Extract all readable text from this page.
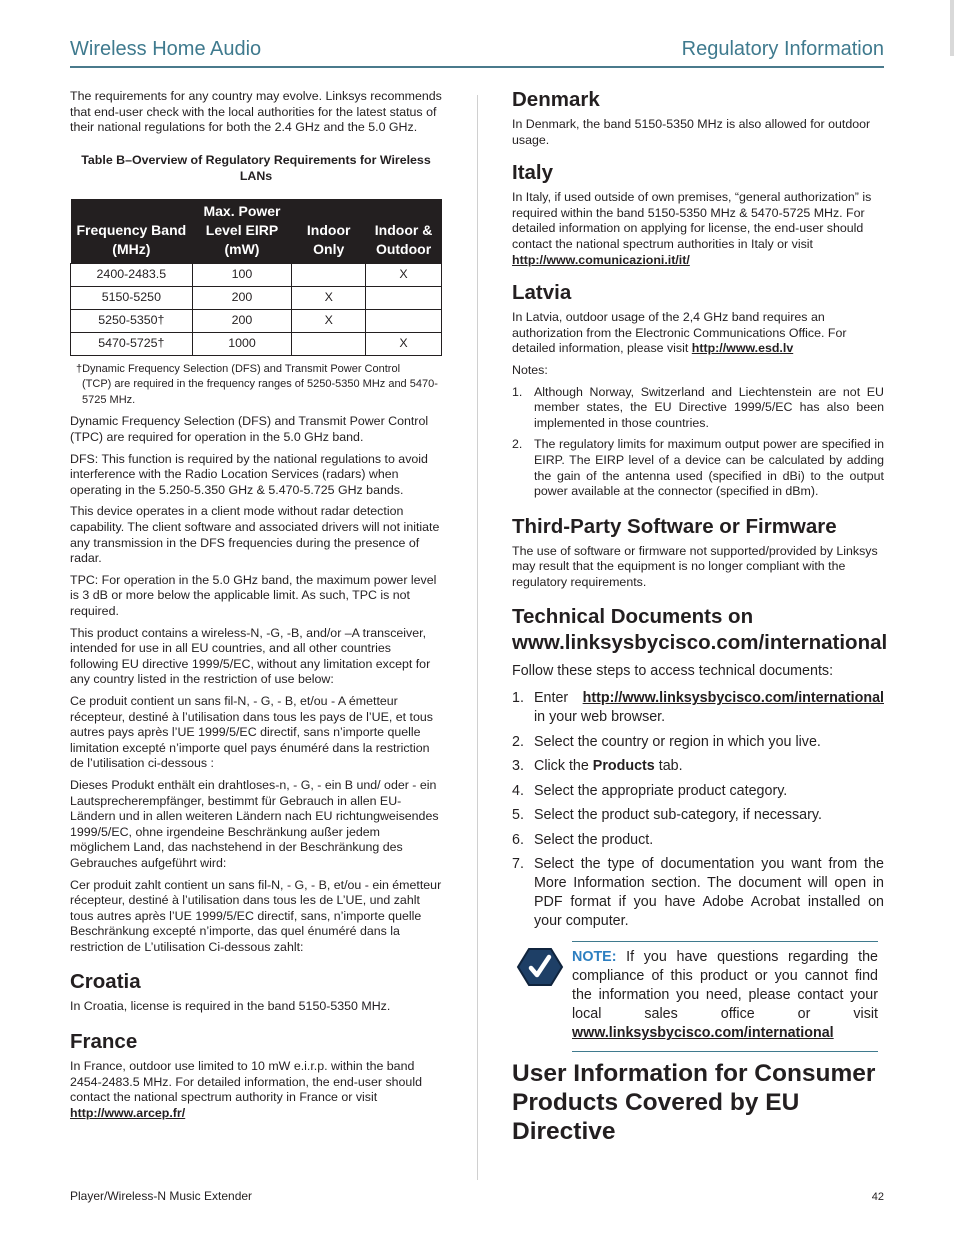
Wireless Home Audio	Regulatory Information

The requirements for any country may evolve. Linksys recommends that end-user check with the local authorities for the latest status of their national regulations for both the 2.4 GHz and the 5.0 GHz.

Table B–Overview of Regulatory Requirements for Wireless LANs
Frequency Band (MHz)	Max. Power Level EIRP (mW)	Indoor Only	Indoor & Outdoor
2400-2483.5	100		X
5150-5250	200	X	
5250-5350†	200	X	
5470-5725†	1000		X
†Dynamic Frequency Selection (DFS) and Transmit Power Control
(TCP) are required in the frequency ranges of 5250-5350 MHz and 5470-5725 MHz.

Dynamic Frequency Selection (DFS) and Transmit Power Control (TPC) are required for operation in the 5.0 GHz band.

DFS: This function is required by the national regulations to avoid interference with the Radio Location Services (radars) when operating in the 5.250-5.350 GHz & 5.470-5.725 GHz bands.

This device operates in a client mode without radar detection capability. The client software and associated drivers will not initiate any transmission in the DFS frequencies during the presence of radar.

TPC: For operation in the 5.0 GHz band, the maximum power level is 3 dB or more below the applicable limit. As such, TPC is not required.

This product contains a wireless-N, -G, -B, and/or –A transceiver, intended for use in all EU countries, and all other countries following EU directive 1999/5/EC, without any limitation except for any country listed in the restriction of use below:

Ce produit contient un sans fil-N, - G, - B, et/ou - A émetteur récepteur, destiné à l’utilisation dans tous les pays de l’UE, et tous autres pays après l’UE 1999/5/EC directif, sans n’importe quelle limitation excepté n’importe quel pays énuméré dans la restriction de l’utilisation ci-dessous :

Dieses Produkt enthält ein drahtloses-n, - G, - ein B und/ oder - ein Lautsprecherempfänger, bestimmt für Gebrauch in allen EU-Ländern und in allen weiteren Ländern nach EU richtungweisendes 1999/5/EC, ohne irgendeine Beschränkung außer jedem möglichem Land, das nachstehend in der Beschränkung des Gebrauches aufgeführt wird:

Cer produit zahlt contient un sans fil-N, - G, - B, et/ou - ein émetteur récepteur, destiné à l’utilisation dans tous les de L’UE, und zahlt tous autres après l’UE 1999/5/EC directif, sans, n’importe quelle Beschränkung excepté n’importe, das quel énuméré dans la restriction de L’utilisation Ci-dessous zahlt:

Croatia

In Croatia, license is required in the band 5150-5350 MHz.

France

In France, outdoor use limited to 10 mW e.i.r.p. within the band 2454-2483.5 MHz. For detailed information, the end-user should contact the national spectrum authority in France or visit http://www.arcep.fr/

Denmark

In Denmark, the band 5150-5350 MHz is also allowed for outdoor usage.

Italy

In Italy, if used outside of own premises, “general authorization” is required within the band 5150-5350 MHz & 5470-5725 MHz. For detailed information on applying for license, the end-user should contact the national spectrum authorities in Italy or visit http://www.comunicazioni.it/it/

Latvia

In Latvia, outdoor usage of the 2,4 GHz band requires an authorization from the Electronic Communications Office. For detailed information, please visit http://www.esd.lv

Notes:

1. Although Norway, Switzerland and Liechtenstein are not EU member states, the EU Directive 1999/5/EC has also been implemented in those countries.
2. The regulatory limits for maximum output power are specified in EIRP. The EIRP level of a device can be calculated by adding the gain of the antenna used (specified in dBi) to the output power available at the connector (specified in dBm).
Third-Party Software or Firmware

The use of software or firmware not supported/provided by Linksys may result that the equipment is no longer compliant with the regulatory requirements.

Technical Documents on
www.linksysbycisco.com/international

Follow these steps to access technical documents:

1. Enter http://www.linksysbycisco.com/international in your web browser.
2. Select the country or region in which you live.
3. Click the Products tab.
4. Select the appropriate product category.
5. Select the product sub-category, if necessary.
6. Select the product.
7. Select the type of documentation you want from the More Information section. The document will open in PDF format if you have Adobe Acrobat installed on your computer.
NOTE: If you have questions regarding the compliance of this product or you cannot find the information you need, please contact your local sales office or visit www.linksysbycisco.com/international
User Information for Consumer
Products Covered by EU Directive
Player/Wireless-N Music Extender	42
